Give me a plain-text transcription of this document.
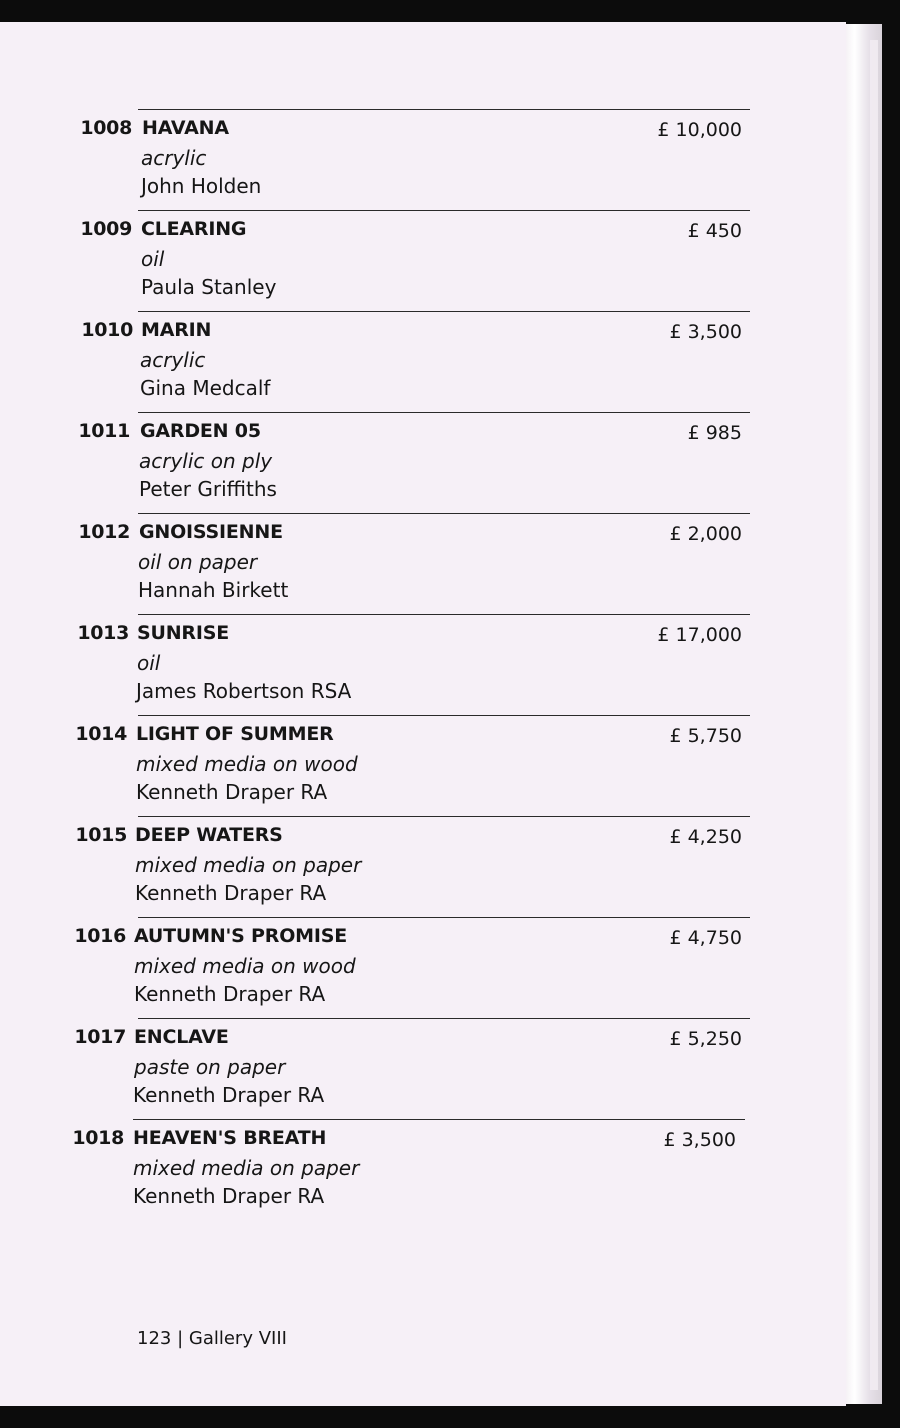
1008 HAVANA
acrylic
John Holden
£ 10,000
1009 CLEARING
oil
Paula Stanley
£ 450
1010 MARIN
acrylic
Gina Medcalf
£ 3,500
1011 GARDEN 05
acrylic on ply
Peter Griffiths
£ 985
1012 GNOISSIENNE
oil on paper
Hannah Birkett
£ 2,000
1013 SUNRISE
oil
James Robertson RSA
£ 17,000
1014 LIGHT OF SUMMER
mixed media on wood
Kenneth Draper RA
£ 5,750
1015 DEEP WATERS
mixed media on paper
Kenneth Draper RA
£ 4,250
1016 AUTUMN'S PROMISE
mixed media on wood
Kenneth Draper RA
£ 4,750
1017 ENCLAVE
paste on paper
Kenneth Draper RA
£ 5,250
1018 HEAVEN'S BREATH
mixed media on paper
Kenneth Draper RA
£ 3,500
123 | Gallery VIII
